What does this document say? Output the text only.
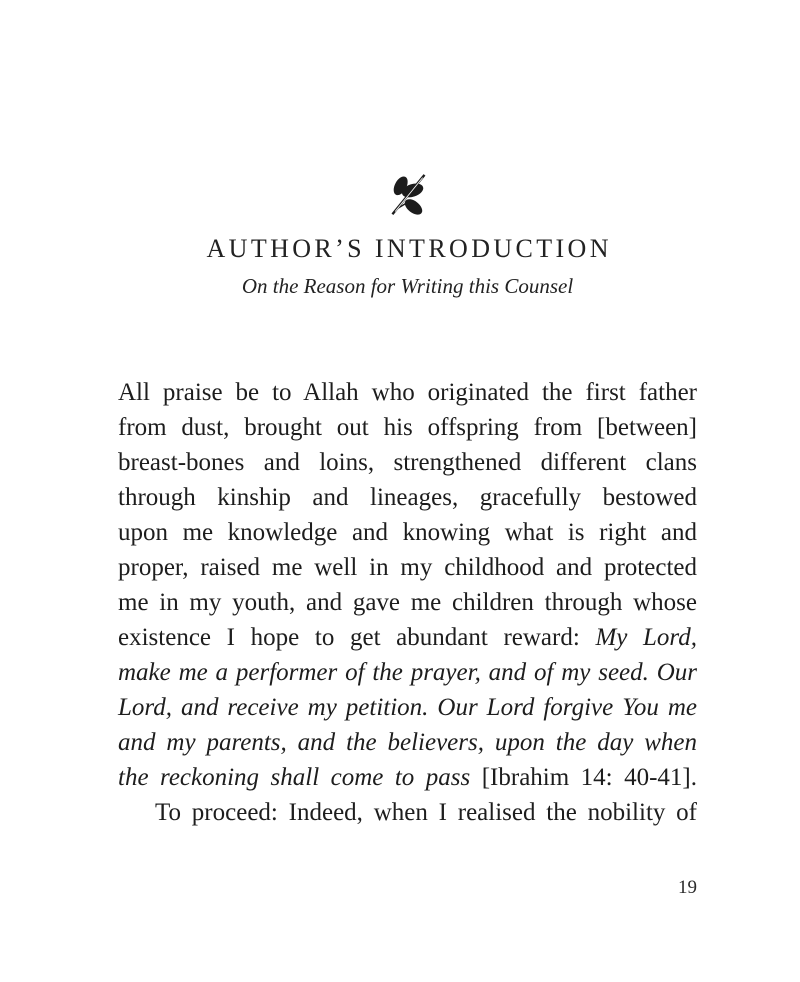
AUTHOR’S INTRODUCTION
On the Reason for Writing this Counsel
All praise be to Allah who originated the first father
from dust, brought out his offspring from [between]
breast-bones and loins, strengthened different clans
through kinship and lineages, gracefully bestowed
upon me knowledge and knowing what is right and
proper, raised me well in my childhood and protected
me in my youth, and gave me children through whose
existence I hope to get abundant reward: My Lord,
make me a performer of the prayer, and of my seed. Our
Lord, and receive my petition. Our Lord forgive You me
and my parents, and the believers, upon the day when
the reckoning shall come to pass [Ibrahim 14: 40-41].
To proceed: Indeed, when I realised the nobility of
19
